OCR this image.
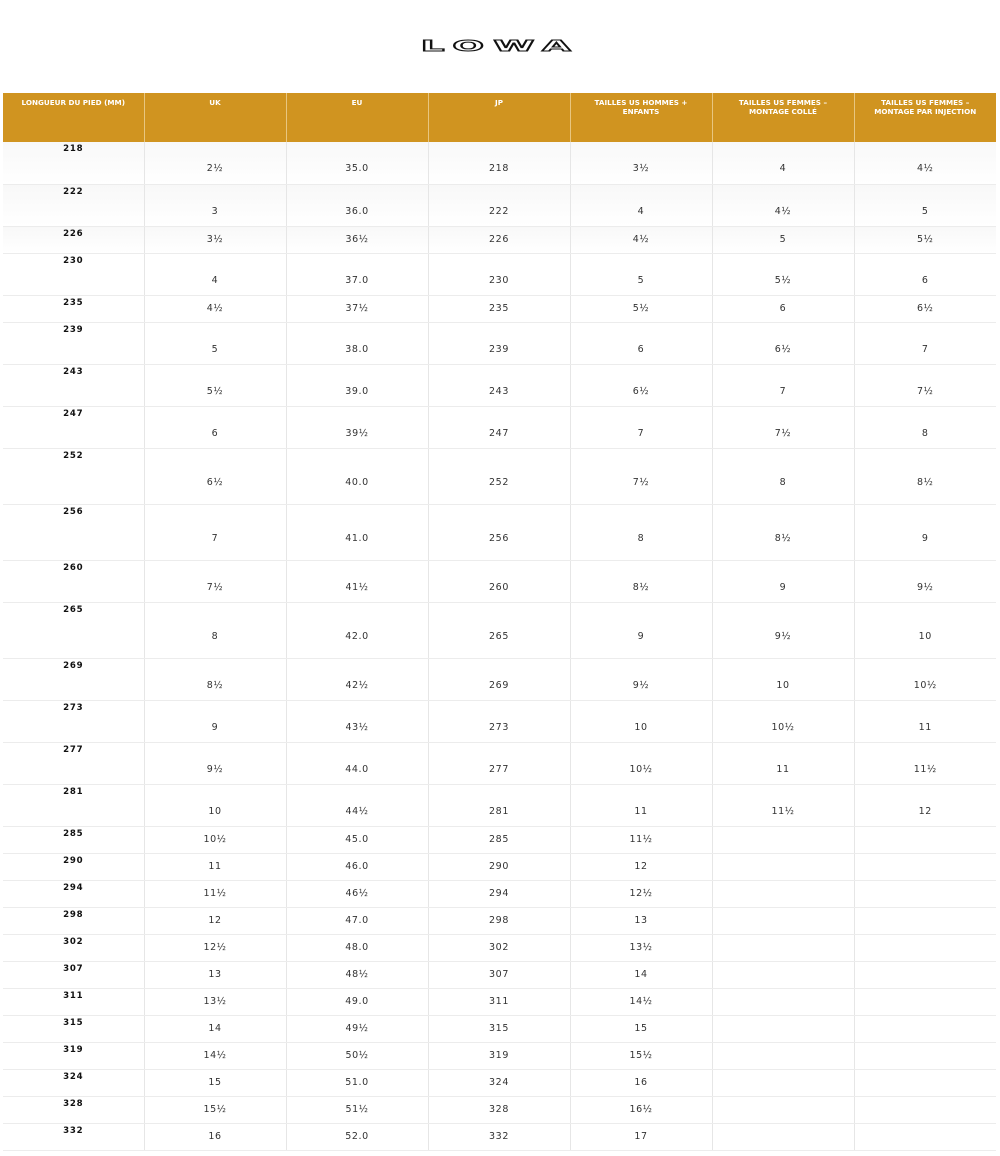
LOWA
LONGUEUR DU PIED (MM)	UK	EU	JP	TAILLES US HOMMES + ENFANTS	TAILLES US FEMMES – MONTAGE COLLÉ	TAILLES US FEMMES – MONTAGE PAR INJECTION
218	2½	35.0	218	3½	4	4½
222	3	36.0	222	4	4½	5
226	3½	36½	226	4½	5	5½
230	4	37.0	230	5	5½	6
235	4½	37½	235	5½	6	6½
239	5	38.0	239	6	6½	7
243	5½	39.0	243	6½	7	7½
247	6	39½	247	7	7½	8
252	6½	40.0	252	7½	8	8½
256	7	41.0	256	8	8½	9
260	7½	41½	260	8½	9	9½
265	8	42.0	265	9	9½	10
269	8½	42½	269	9½	10	10½
273	9	43½	273	10	10½	11
277	9½	44.0	277	10½	11	11½
281	10	44½	281	11	11½	12
285	10½	45.0	285	11½		
290	11	46.0	290	12		
294	11½	46½	294	12½		
298	12	47.0	298	13		
302	12½	48.0	302	13½		
307	13	48½	307	14		
311	13½	49.0	311	14½		
315	14	49½	315	15		
319	14½	50½	319	15½		
324	15	51.0	324	16		
328	15½	51½	328	16½		
332	16	52.0	332	17		
